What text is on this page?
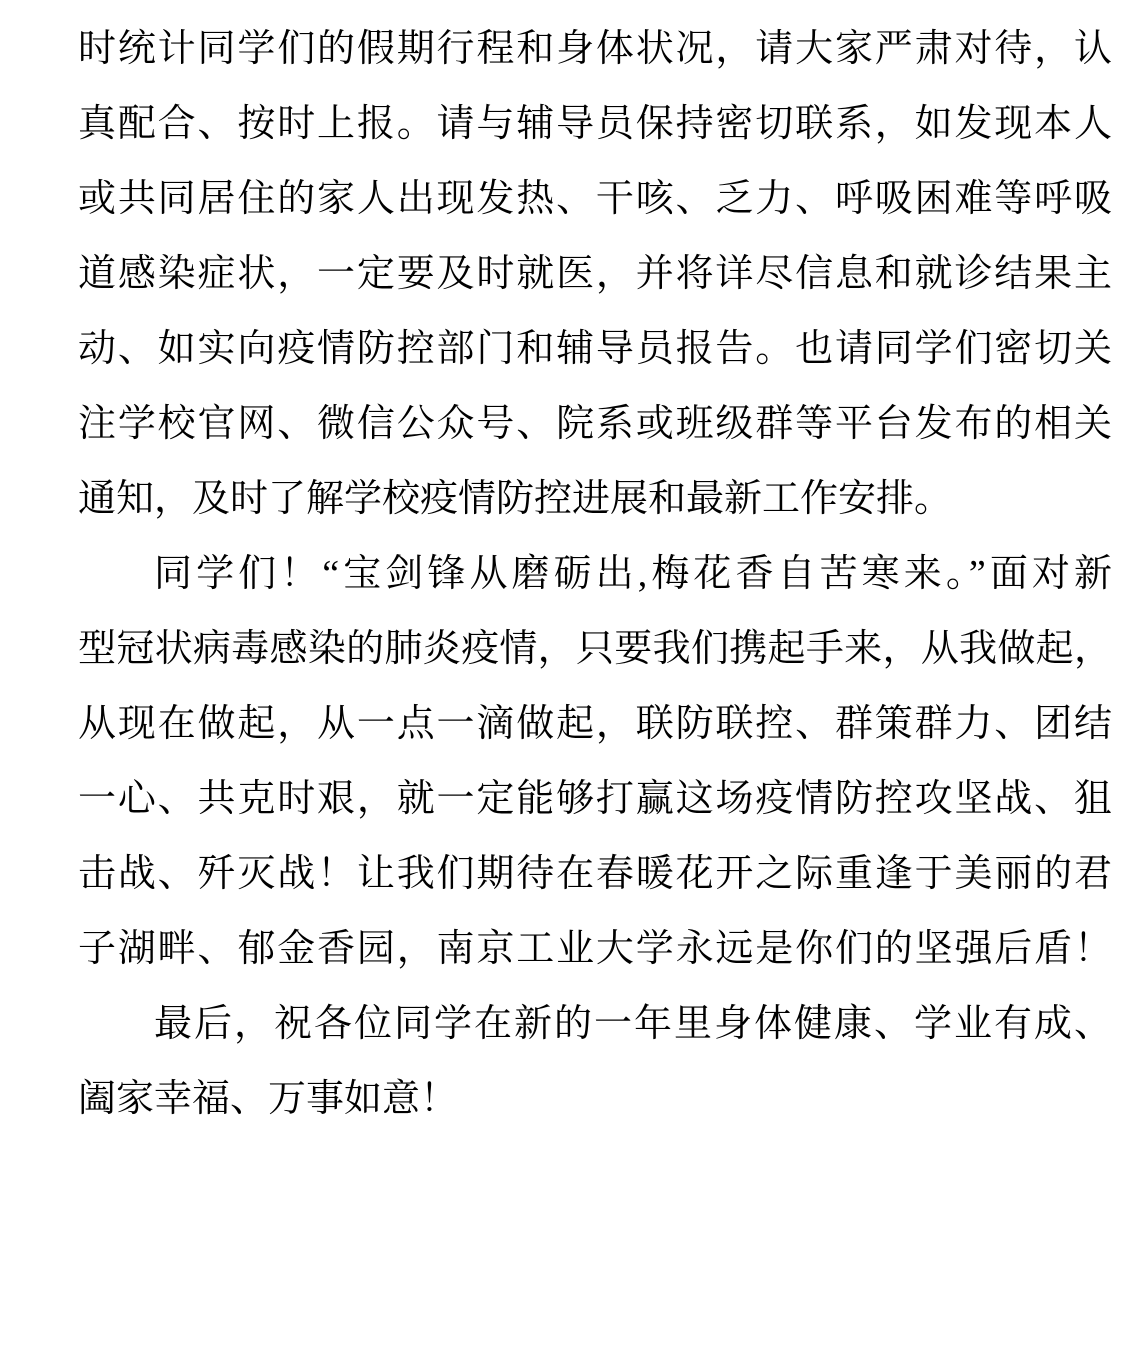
时统计同学们的假期行程和身体状况，请大家严肃对待，认
真配合、按时上报。请与辅导员保持密切联系，如发现本人
或共同居住的家人出现发热、干咳、乏力、呼吸困难等呼吸
道感染症状，一定要及时就医，并将详尽信息和就诊结果主
动、如实向疫情防控部门和辅导员报告。也请同学们密切关
注学校官网、微信公众号、院系或班级群等平台发布的相关
通知，及时了解学校疫情防控进展和最新工作安排。
同学们！“宝剑锋从磨砺出,梅花香自苦寒来。”面对新
型冠状病毒感染的肺炎疫情，只要我们携起手来，从我做起，
从现在做起，从一点一滴做起，联防联控、群策群力、团结
一心、共克时艰，就一定能够打赢这场疫情防控攻坚战、狙
击战、歼灭战！让我们期待在春暖花开之际重逢于美丽的君
子湖畔、郁金香园，南京工业大学永远是你们的坚强后盾！
最后，祝各位同学在新的一年里身体健康、学业有成、
阖家幸福、万事如意！
